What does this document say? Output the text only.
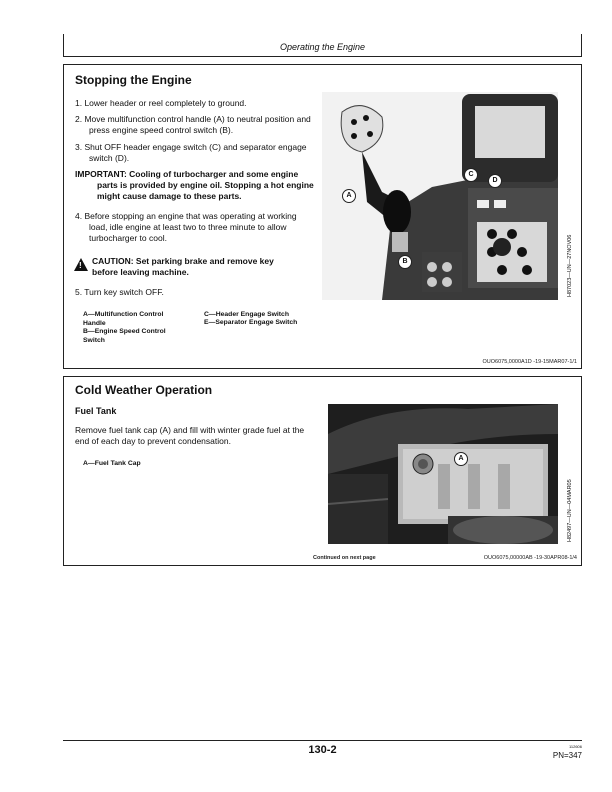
Operating the Engine
Stopping the Engine
1. Lower header or reel completely to ground.
2. Move multifunction control handle (A) to neutral position and press engine speed control switch (B).
3. Shut OFF header engage switch (C) and separator engage switch (D).
IMPORTANT: Cooling of turbocharger and some engine parts is provided by engine oil. Stopping a hot engine might cause damage to these parts.
4. Before stopping an engine that was operating at working load, idle engine at least two to three minute to allow turbocharger to cool.
!
CAUTION: Set parking brake and remove key before leaving machine.
5. Turn key switch OFF.
A—Multifunction Control Handle
B—Engine Speed Control Switch
C—Header Engage Switch
E—Separator Engage Switch
A
B
C
D
H87023—UN—27NOV06
OUO6075,0000A1D -19-15MAR07-1/1
Cold Weather Operation
Fuel Tank
Remove fuel tank cap (A) and fill with winter grade fuel at the end of each day to prevent condensation.
A—Fuel Tank Cap
A
H82497—UN—04MAR05
Continued on next page	OUO6075,00000AB -19-30APR08-1/4
130-2	112606
PN=347
